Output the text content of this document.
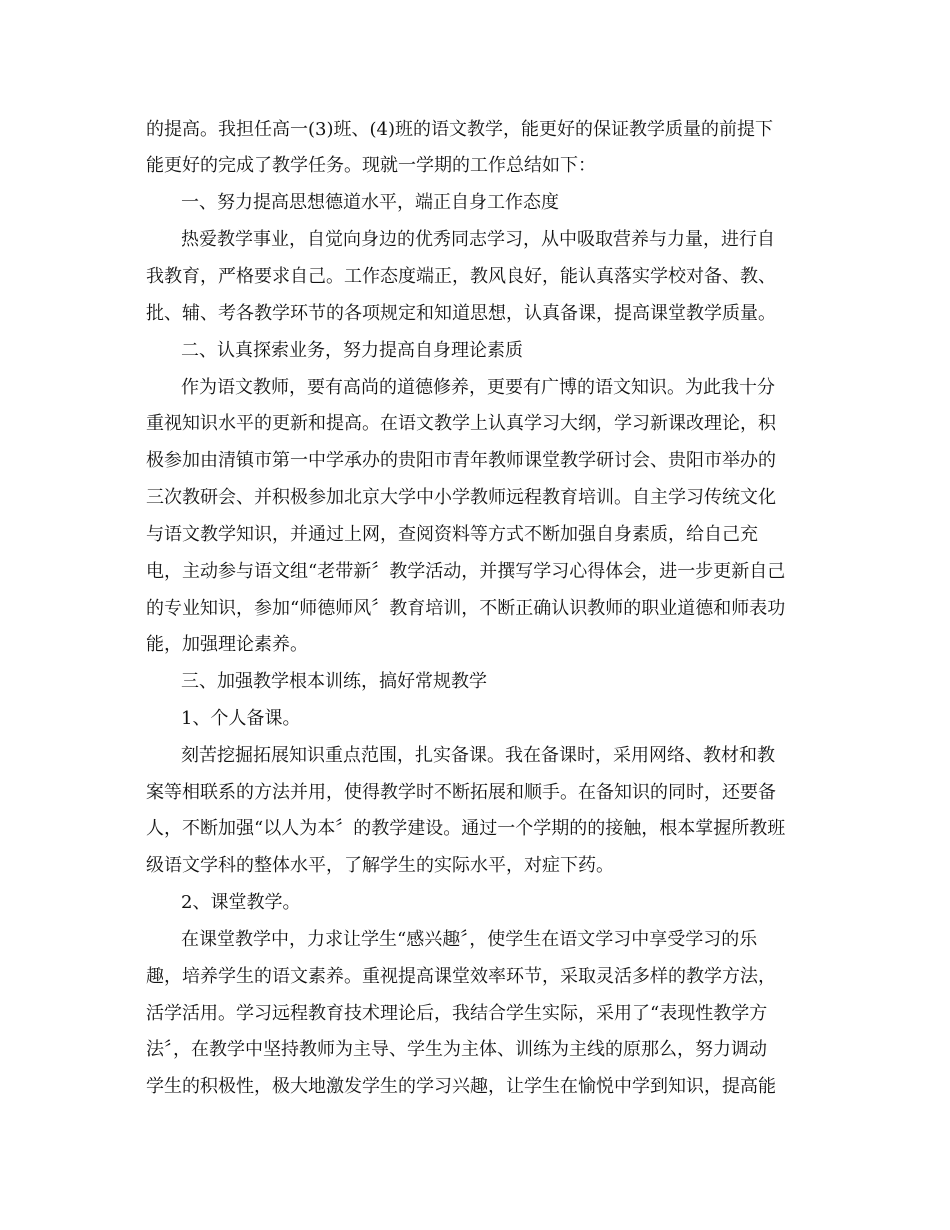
的提高。我担任高一(3)班、(4)班的语文教学，能更好的保证教学质量的前提下

能更好的完成了教学任务。现就一学期的工作总结如下：

一、努力提高思想德道水平，端正自身工作态度

热爱教学事业，自觉向身边的优秀同志学习，从中吸取营养与力量，进行自

我教育，严格要求自己。工作态度端正，教风良好，能认真落实学校对备、教、

批、辅、考各教学环节的各项规定和知道思想，认真备课，提高课堂教学质量。

二、认真探索业务，努力提高自身理论素质

作为语文教师，要有高尚的道德修养，更要有广博的语文知识。为此我十分

重视知识水平的更新和提高。在语文教学上认真学习大纲，学习新课改理论，积

极参加由清镇市第一中学承办的贵阳市青年教师课堂教学研讨会、贵阳市举办的

三次教研会、并积极参加北京大学中小学教师远程教育培训。自主学习传统文化

与语文教学知识，并通过上网，查阅资料等方式不断加强自身素质，给自己充

电，主动参与语文组“老带新〞教学活动，并撰写学习心得体会，进一步更新自己

的专业知识，参加“师德师风〞教育培训，不断正确认识教师的职业道德和师表功

能，加强理论素养。

三、加强教学根本训练，搞好常规教学

1、个人备课。

刻苦挖掘拓展知识重点范围，扎实备课。我在备课时，采用网络、教材和教

案等相联系的方法并用，使得教学时不断拓展和顺手。在备知识的同时，还要备

人，不断加强“以人为本〞的教学建设。通过一个学期的的接触，根本掌握所教班

级语文学科的整体水平，了解学生的实际水平，对症下药。

2、课堂教学。

在课堂教学中，力求让学生“感兴趣〞，使学生在语文学习中享受学习的乐

趣，培养学生的语文素养。重视提高课堂效率环节，采取灵活多样的教学方法，

活学活用。学习远程教育技术理论后，我结合学生实际，采用了“表现性教学方

法〞，在教学中坚持教师为主导、学生为主体、训练为主线的原那么，努力调动

学生的积极性，极大地激发学生的学习兴趣，让学生在愉悦中学到知识，提高能
